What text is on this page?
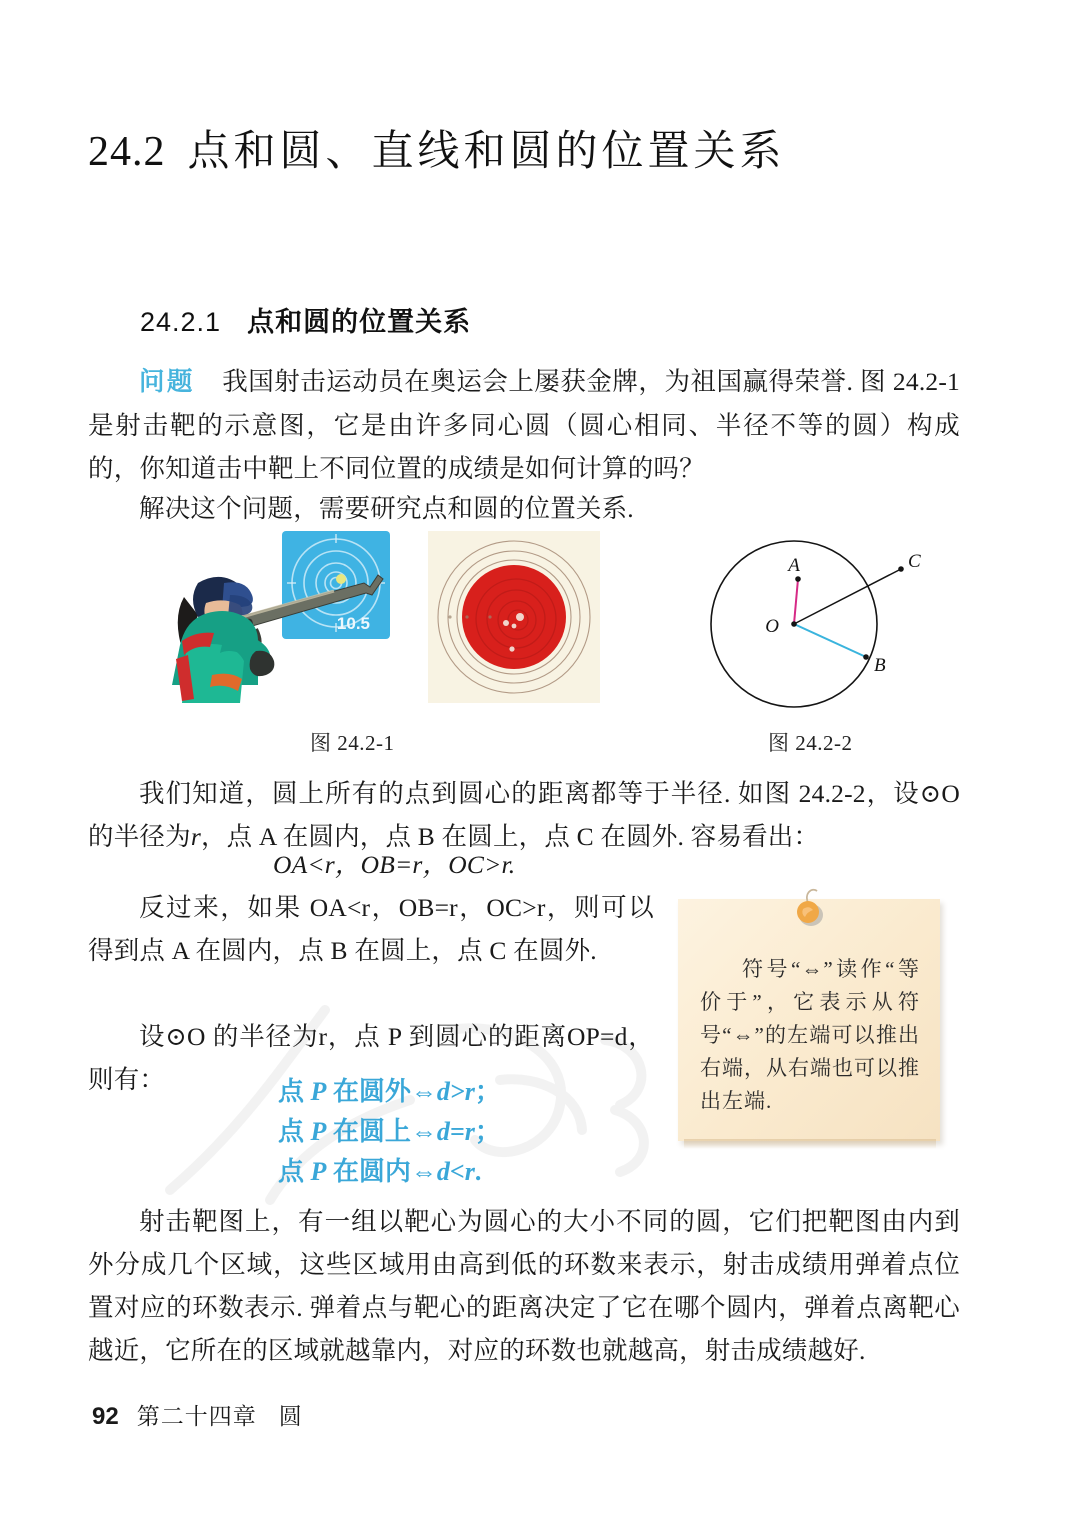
24.2 点和圆、直线和圆的位置关系
24.2.1 点和圆的位置关系

问题 我国射击运动员在奥运会上屡获金牌，为祖国赢得荣誉. 图 24.2-1 是射击靶的示意图，它是由许多同心圆（圆心相同、半径不等的圆）构成的，你知道击中靶上不同位置的成绩是如何计算的吗？

解决这个问题，需要研究点和圆的位置关系.

10.5	O
A
B
C
图 24.2-1	图 24.2-2

我们知道，圆上所有的点到圆心的距离都等于半径. 如图 24.2-2，设⊙O 的半径为r，点 A 在圆内，点 B 在圆上，点 C 在圆外. 容易看出：

OA<r，OB=r，OC>r.

反过来，如果 OA<r，OB=r，OC>r，则可以得到点 A 在圆内，点 B 在圆上，点 C 在圆外.

设⊙O 的半径为r，点 P 到圆心的距离OP=d，则有：	点 P 在圆外⇔d>r；
点 P 在圆上⇔d=r；
点 P 在圆内⇔d<r.

符号“⇔”读作“等价于”，它表示从符号“⇔”的左端可以推出右端，从右端也可以推出左端.

射击靶图上，有一组以靶心为圆心的大小不同的圆，它们把靶图由内到外分成几个区域，这些区域用由高到低的环数来表示，射击成绩用弹着点位置对应的环数表示. 弹着点与靶心的距离决定了它在哪个圆内，弹着点离靶心越近，它所在的区域就越靠内，对应的环数也就越高，射击成绩越好.

92 第二十四章 圆
